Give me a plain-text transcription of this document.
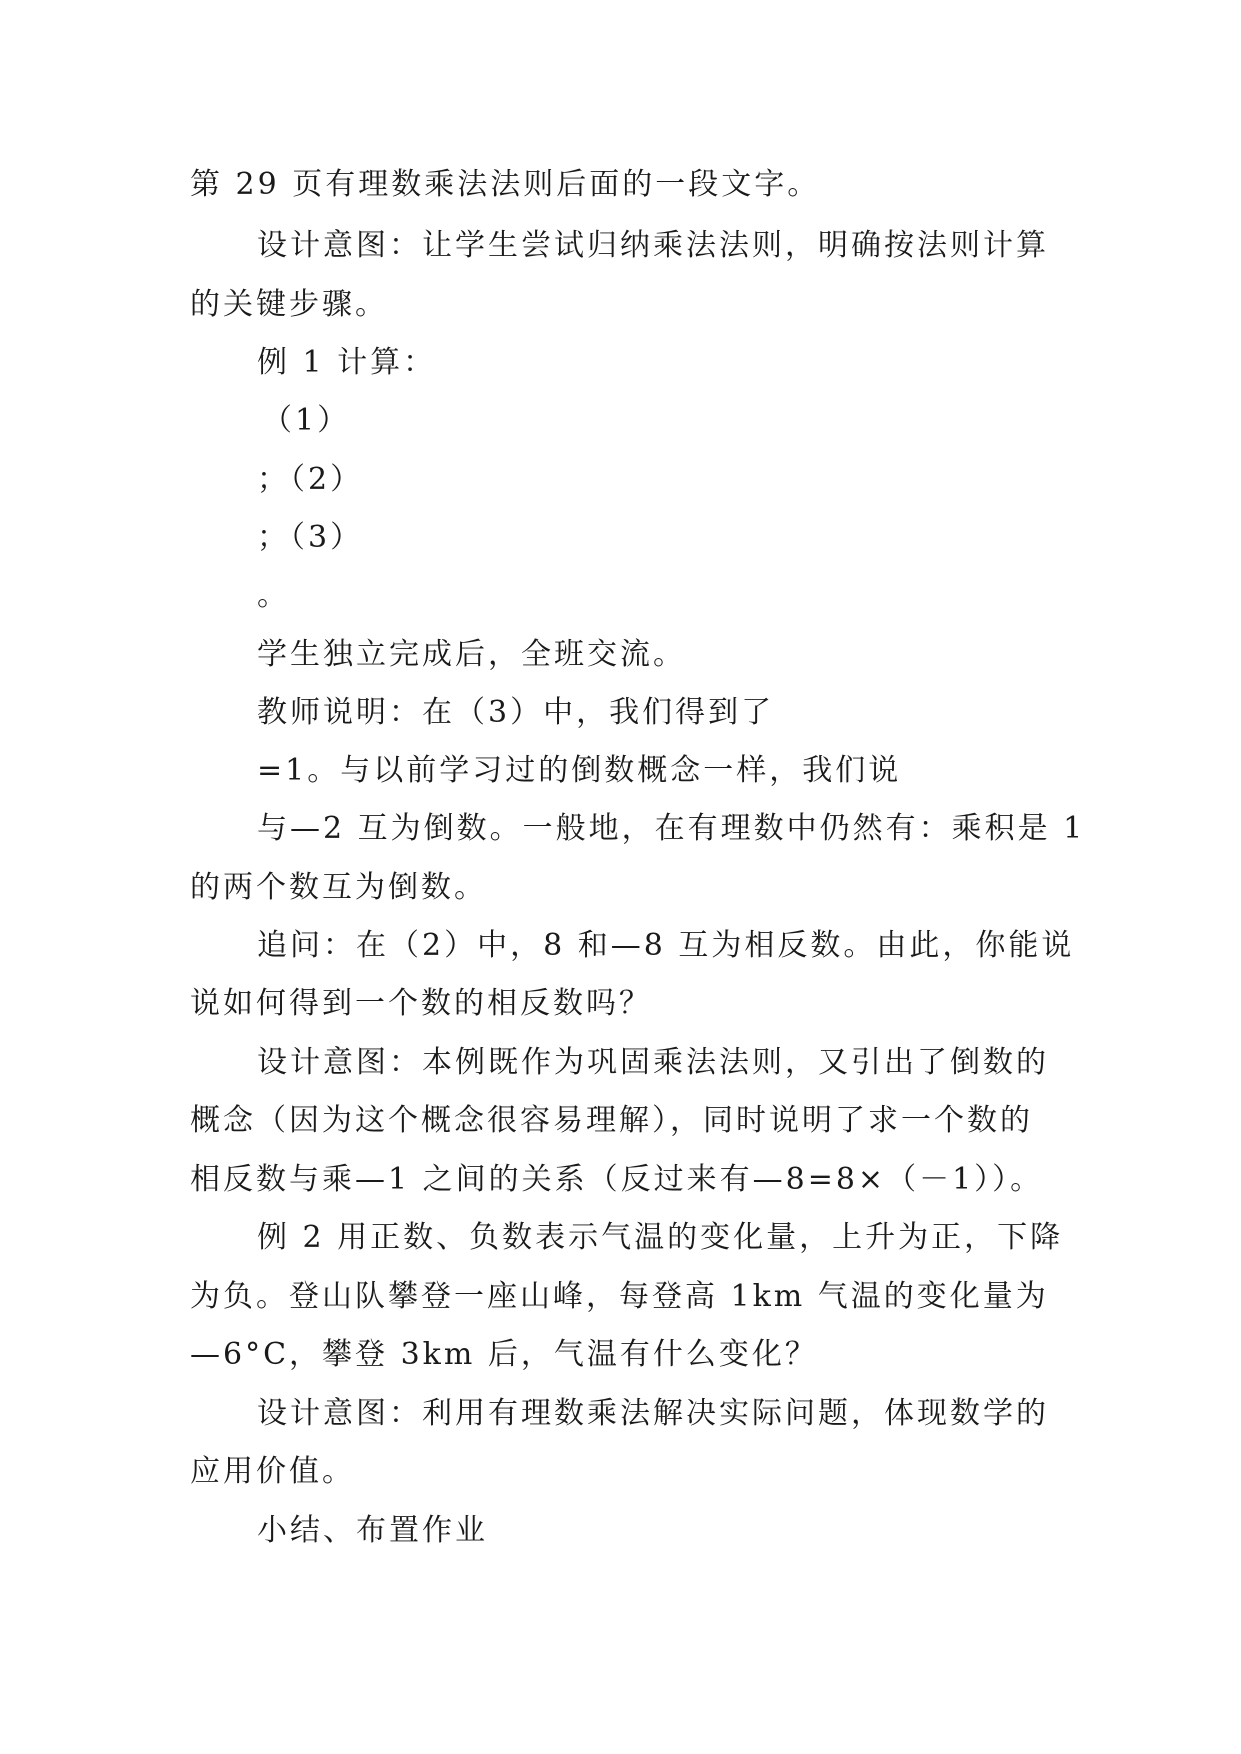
第 29 页有理数乘法法则后面的一段文字。
设计意图：让学生尝试归纳乘法法则，明确按法则计算
的关键步骤。
例 1 计算：
（1）
；（2）
；（3）
。
学生独立完成后，全班交流。
教师说明：在（3）中，我们得到了
=1。与以前学习过的倒数概念一样，我们说
与—2 互为倒数。一般地，在有理数中仍然有：乘积是 1
的两个数互为倒数。
追问：在（2）中，8 和—8 互为相反数。由此，你能说
说如何得到一个数的相反数吗？
设计意图：本例既作为巩固乘法法则，又引出了倒数的
概念（因为这个概念很容易理解），同时说明了求一个数的
相反数与乘—1 之间的关系（反过来有—8=8×（－1））。
例 2 用正数、负数表示气温的变化量，上升为正，下降
为负。登山队攀登一座山峰，每登高 1km 气温的变化量为
—6°C，攀登 3km 后，气温有什么变化？
设计意图：利用有理数乘法解决实际问题，体现数学的
应用价值。
小结、布置作业
